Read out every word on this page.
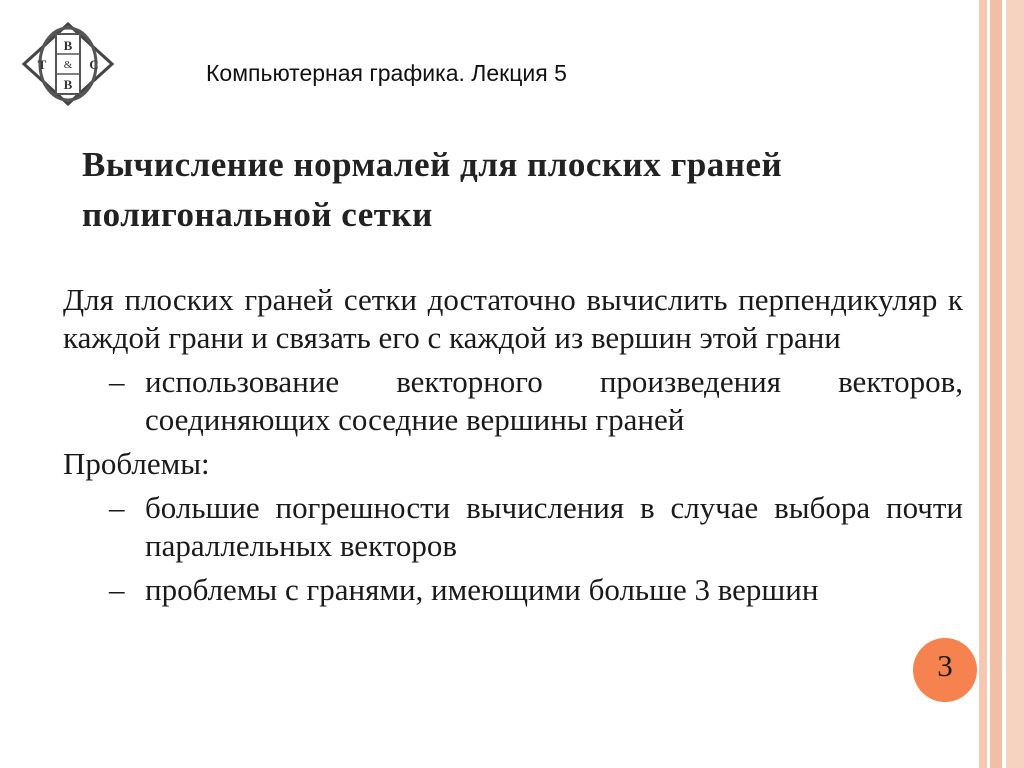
B
T & C
B	Компьютерная графика. Лекция 5
Вычисление нормалей для плоских граней полигональной сетки
Для плоских граней сетки достаточно вычислить перпендикуляр к каждой грани и связать его с каждой из вершин этой грани
– использование векторного произведения векторов, соединяющих соседние вершины граней
Проблемы:
– большие погрешности вычисления в случае выбора почти параллельных векторов
– проблемы с гранями, имеющими больше 3 вершин
3
